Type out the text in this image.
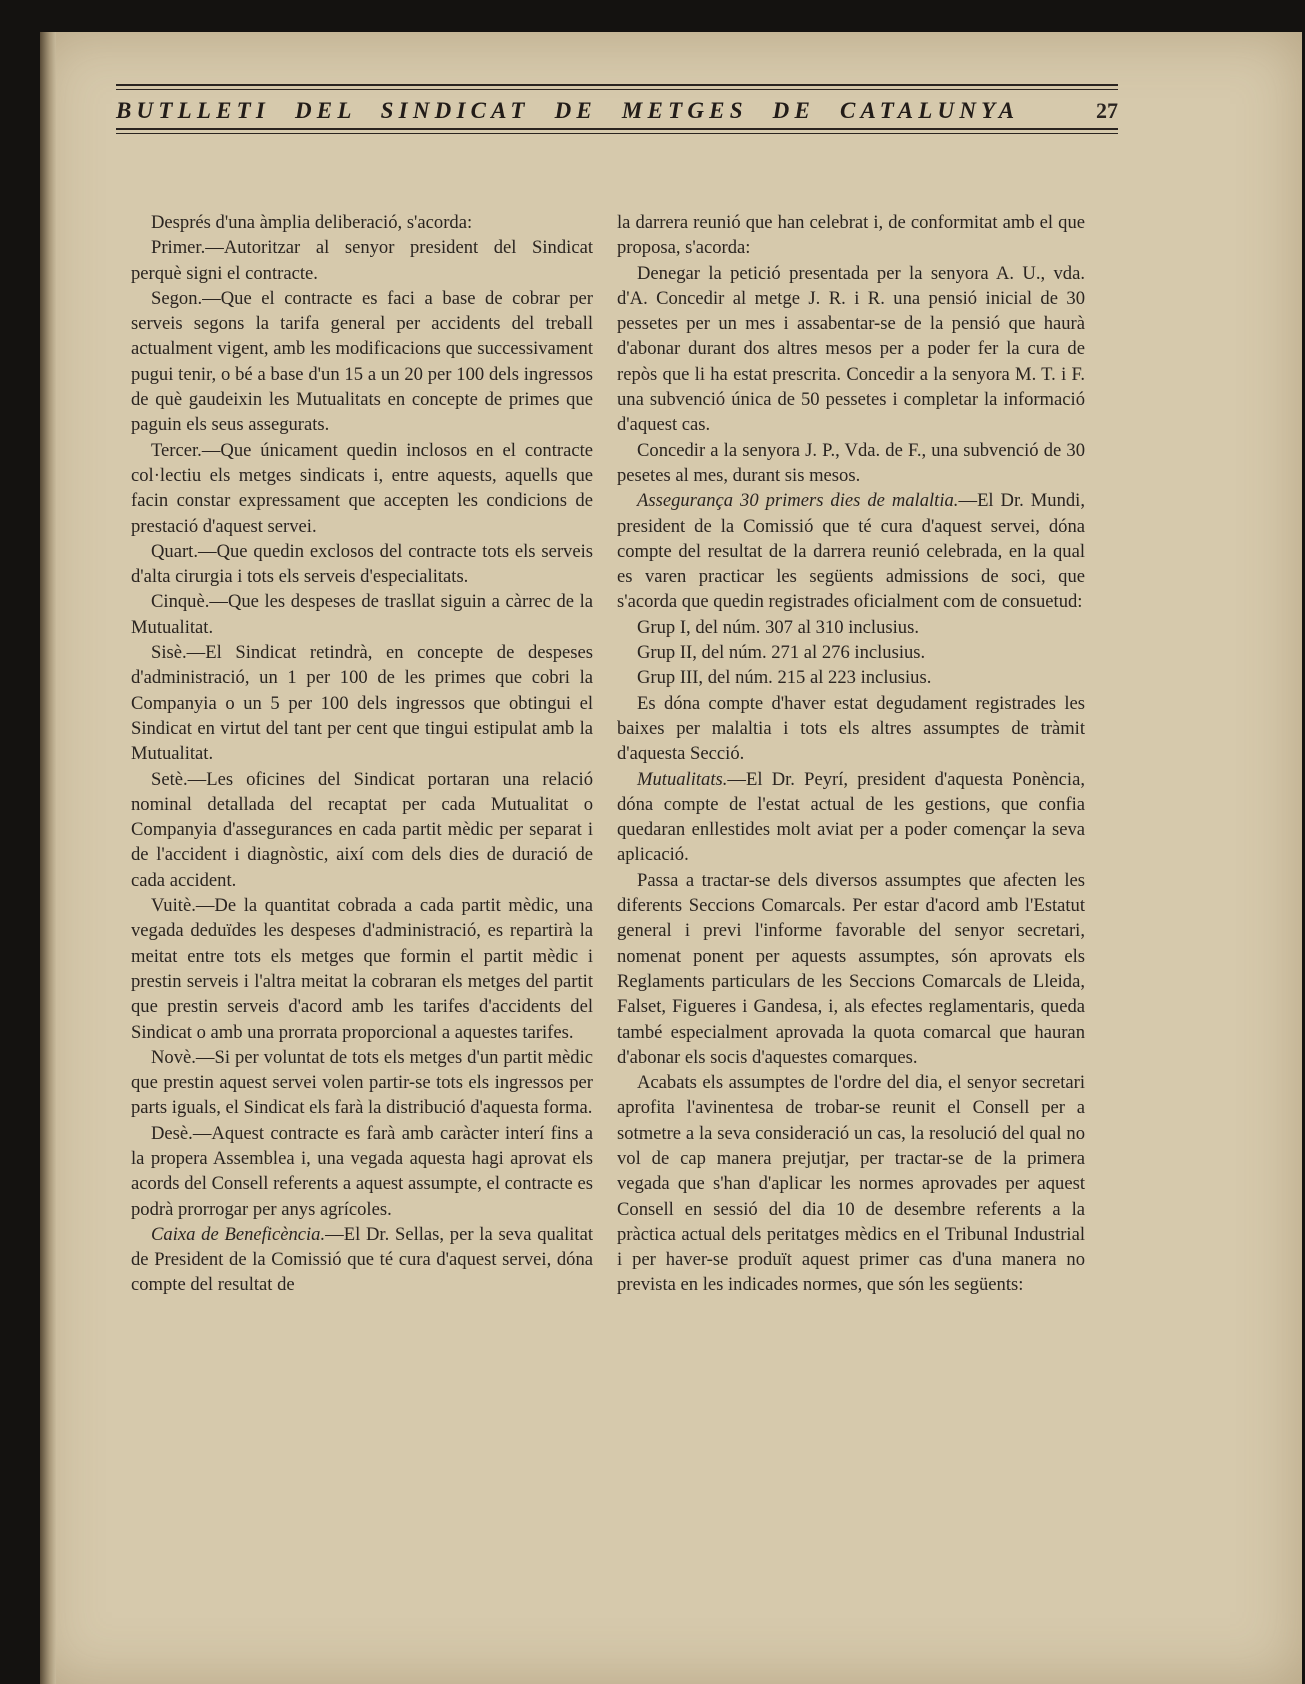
BUTLLETI DEL SINDICAT DE METGES DE CATALUNYA	27

Després d'una àmplia deliberació, s'acorda:

Primer.—Autoritzar al senyor president del Sindicat perquè signi el contracte.

Segon.—Que el contracte es faci a base de cobrar per serveis segons la tarifa general per accidents del treball actualment vigent, amb les modificacions que successivament pugui tenir, o bé a base d'un 15 a un 20 per 100 dels ingressos de què gaudeixin les Mutualitats en concepte de primes que paguin els seus assegurats.

Tercer.—Que únicament quedin inclosos en el contracte col·lectiu els metges sindicats i, entre aquests, aquells que facin constar expressament que accepten les condicions de prestació d'aquest servei.

Quart.—Que quedin exclosos del contracte tots els serveis d'alta cirurgia i tots els serveis d'especialitats.

Cinquè.—Que les despeses de trasllat siguin a càrrec de la Mutualitat.

Sisè.—El Sindicat retindrà, en concepte de despeses d'administració, un 1 per 100 de les primes que cobri la Companyia o un 5 per 100 dels ingressos que obtingui el Sindicat en virtut del tant per cent que tingui estipulat amb la Mutualitat.

Setè.—Les oficines del Sindicat portaran una relació nominal detallada del recaptat per cada Mutualitat o Companyia d'assegurances en cada partit mèdic per separat i de l'accident i diagnòstic, així com dels dies de duració de cada accident.

Vuitè.—De la quantitat cobrada a cada partit mèdic, una vegada deduïdes les despeses d'administració, es repartirà la meitat entre tots els metges que formin el partit mèdic i prestin serveis i l'altra meitat la cobraran els metges del partit que prestin serveis d'acord amb les tarifes d'accidents del Sindicat o amb una prorrata proporcional a aquestes tarifes.

Novè.—Si per voluntat de tots els metges d'un partit mèdic que prestin aquest servei volen partir-se tots els ingressos per parts iguals, el Sindicat els farà la distribució d'aquesta forma.

Desè.—Aquest contracte es farà amb caràcter interí fins a la propera Assemblea i, una vegada aquesta hagi aprovat els acords del Consell referents a aquest assumpte, el contracte es podrà prorrogar per anys agrícoles.

Caixa de Beneficència.—El Dr. Sellas, per la seva qualitat de President de la Comissió que té cura d'aquest servei, dóna compte del resultat de

la darrera reunió que han celebrat i, de conformitat amb el que proposa, s'acorda:

Denegar la petició presentada per la senyora A. U., vda. d'A. Concedir al metge J. R. i R. una pensió inicial de 30 pessetes per un mes i assabentar-se de la pensió que haurà d'abonar durant dos altres mesos per a poder fer la cura de repòs que li ha estat prescrita. Concedir a la senyora M. T. i F. una subvenció única de 50 pessetes i completar la informació d'aquest cas.

Concedir a la senyora J. P., Vda. de F., una subvenció de 30 pesetes al mes, durant sis mesos.

Assegurança 30 primers dies de malaltia.—El Dr. Mundi, president de la Comissió que té cura d'aquest servei, dóna compte del resultat de la darrera reunió celebrada, en la qual es varen practicar les següents admissions de soci, que s'acorda que quedin registrades oficialment com de consuetud:

Grup I, del núm. 307 al 310 inclusius.

Grup II, del núm. 271 al 276 inclusius.

Grup III, del núm. 215 al 223 inclusius.

Es dóna compte d'haver estat degudament registrades les baixes per malaltia i tots els altres assumptes de tràmit d'aquesta Secció.

Mutualitats.—El Dr. Peyrí, president d'aquesta Ponència, dóna compte de l'estat actual de les gestions, que confia quedaran enllestides molt aviat per a poder començar la seva aplicació.

Passa a tractar-se dels diversos assumptes que afecten les diferents Seccions Comarcals. Per estar d'acord amb l'Estatut general i previ l'informe favorable del senyor secretari, nomenat ponent per aquests assumptes, són aprovats els Reglaments particulars de les Seccions Comarcals de Lleida, Falset, Figueres i Gandesa, i, als efectes reglamentaris, queda també especialment aprovada la quota comarcal que hauran d'abonar els socis d'aquestes comarques.

Acabats els assumptes de l'ordre del dia, el senyor secretari aprofita l'avinentesa de trobar-se reunit el Consell per a sotmetre a la seva consideració un cas, la resolució del qual no vol de cap manera prejutjar, per tractar-se de la primera vegada que s'han d'aplicar les normes aprovades per aquest Consell en sessió del dia 10 de desembre referents a la pràctica actual dels peritatges mèdics en el Tribunal Industrial i per haver-se produït aquest primer cas d'una manera no prevista en les indicades normes, que són les següents:
